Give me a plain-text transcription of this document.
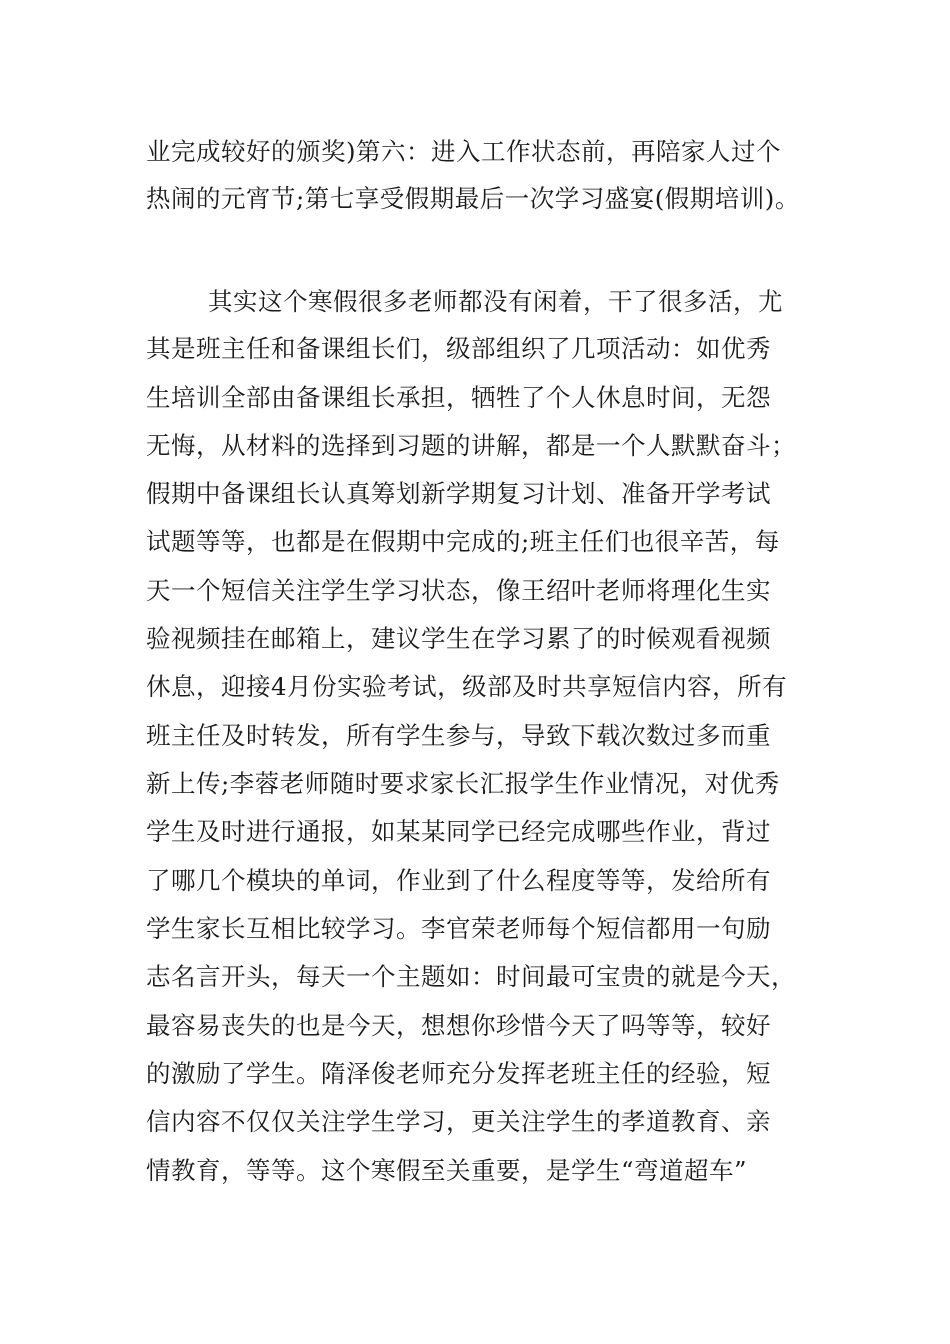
业完成较好的颁奖)第六：进入工作状态前，再陪家人过个
热闹的元宵节;第七享受假期最后一次学习盛宴(假期培训)。
其实这个寒假很多老师都没有闲着，干了很多活，尤
其是班主任和备课组长们，级部组织了几项活动：如优秀
生培训全部由备课组长承担，牺牲了个人休息时间，无怨
无悔，从材料的选择到习题的讲解，都是一个人默默奋斗；
假期中备课组长认真筹划新学期复习计划、准备开学考试
试题等等，也都是在假期中完成的;班主任们也很辛苦，每
天一个短信关注学生学习状态，像王绍叶老师将理化生实
验视频挂在邮箱上，建议学生在学习累了的时候观看视频
休息，迎接4月份实验考试，级部及时共享短信内容，所有
班主任及时转发，所有学生参与，导致下载次数过多而重
新上传;李蓉老师随时要求家长汇报学生作业情况，对优秀
学生及时进行通报，如某某同学已经完成哪些作业，背过
了哪几个模块的单词，作业到了什么程度等等，发给所有
学生家长互相比较学习。李官荣老师每个短信都用一句励
志名言开头，每天一个主题如：时间最可宝贵的就是今天，
最容易丧失的也是今天，想想你珍惜今天了吗等等，较好
的激励了学生。隋泽俊老师充分发挥老班主任的经验，短
信内容不仅仅关注学生学习，更关注学生的孝道教育、亲
情教育，等等。这个寒假至关重要，是学生“弯道超车”
